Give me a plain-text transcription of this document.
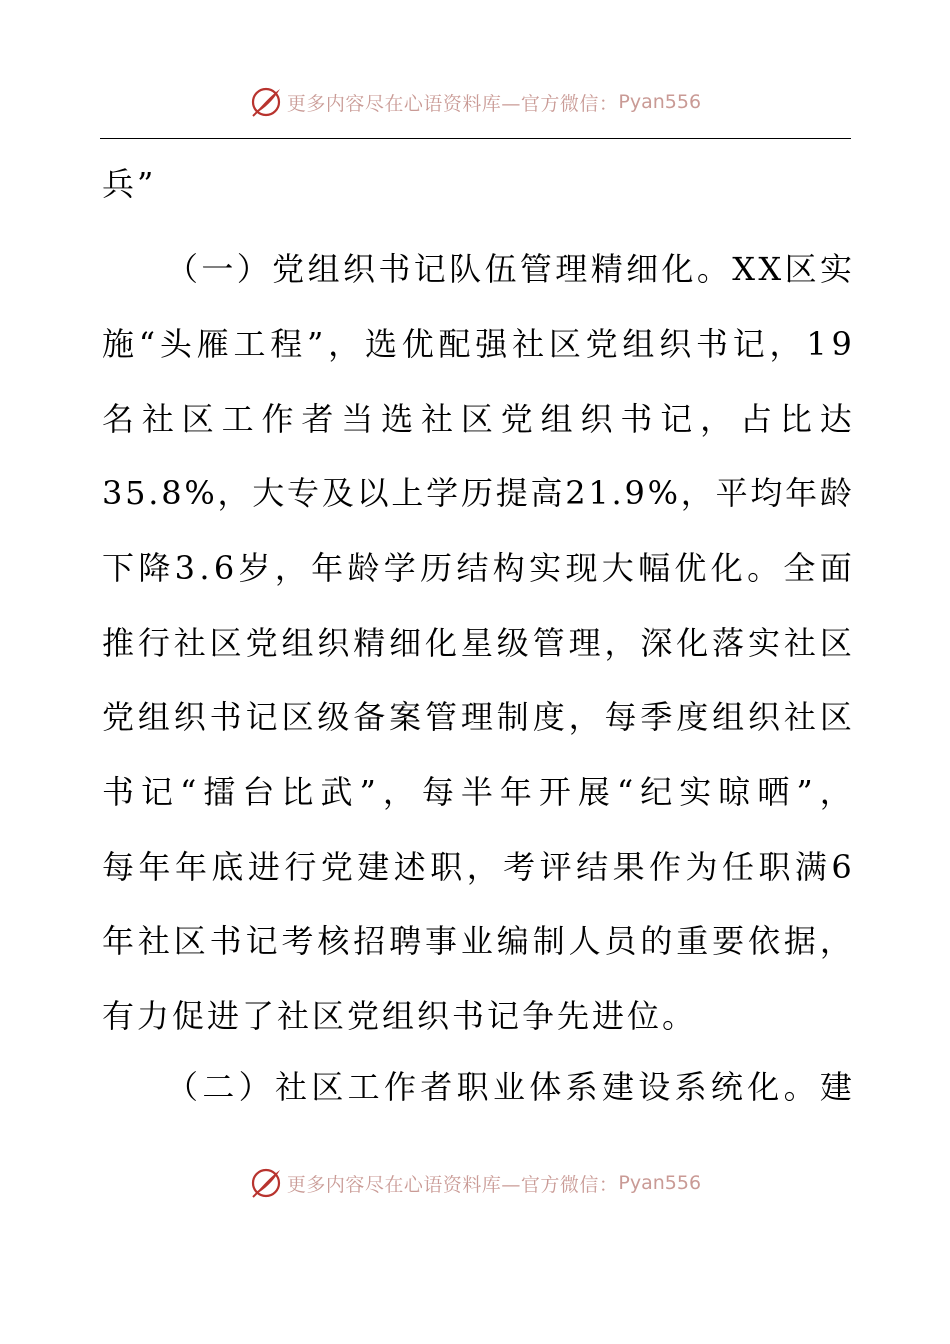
更多内容尽在心语资料库—官方微信： Pyan556
兵”
（ 一 ） 党 组 织 书 记 队 伍 管 理 精 细 化 。 X X 区 实
施 “ 头 雁 工 程 ” ， 选 优 配 强 社 区 党 组 织 书 记 ， 1 9
名 社 区 工 作 者 当 选 社 区 党 组 织 书 记 ， 占 比 达
3 5 . 8 % ， 大 专 及 以 上 学 历 提 高 2 1 . 9 % ， 平 均 年 龄
下 降 3 . 6 岁 ， 年 龄 学 历 结 构 实 现 大 幅 优 化 。 全 面
推 行 社 区 党 组 织 精 细 化 星 级 管 理 ， 深 化 落 实 社 区
党 组 织 书 记 区 级 备 案 管 理 制 度 ， 每 季 度 组 织 社 区
书 记 “ 擂 台 比 武 ” ， 每 半 年 开 展 “ 纪 实 晾 晒 ” ，
每 年 年 底 进 行 党 建 述 职 ， 考 评 结 果 作 为 任 职 满 6
年 社 区 书 记 考 核 招 聘 事 业 编 制 人 员 的 重 要 依 据 ，
有力促进了社区党组织书记争先进位。
（ 二 ） 社 区 工 作 者 职 业 体 系 建 设 系 统 化 。 建
更多内容尽在心语资料库—官方微信： Pyan556
